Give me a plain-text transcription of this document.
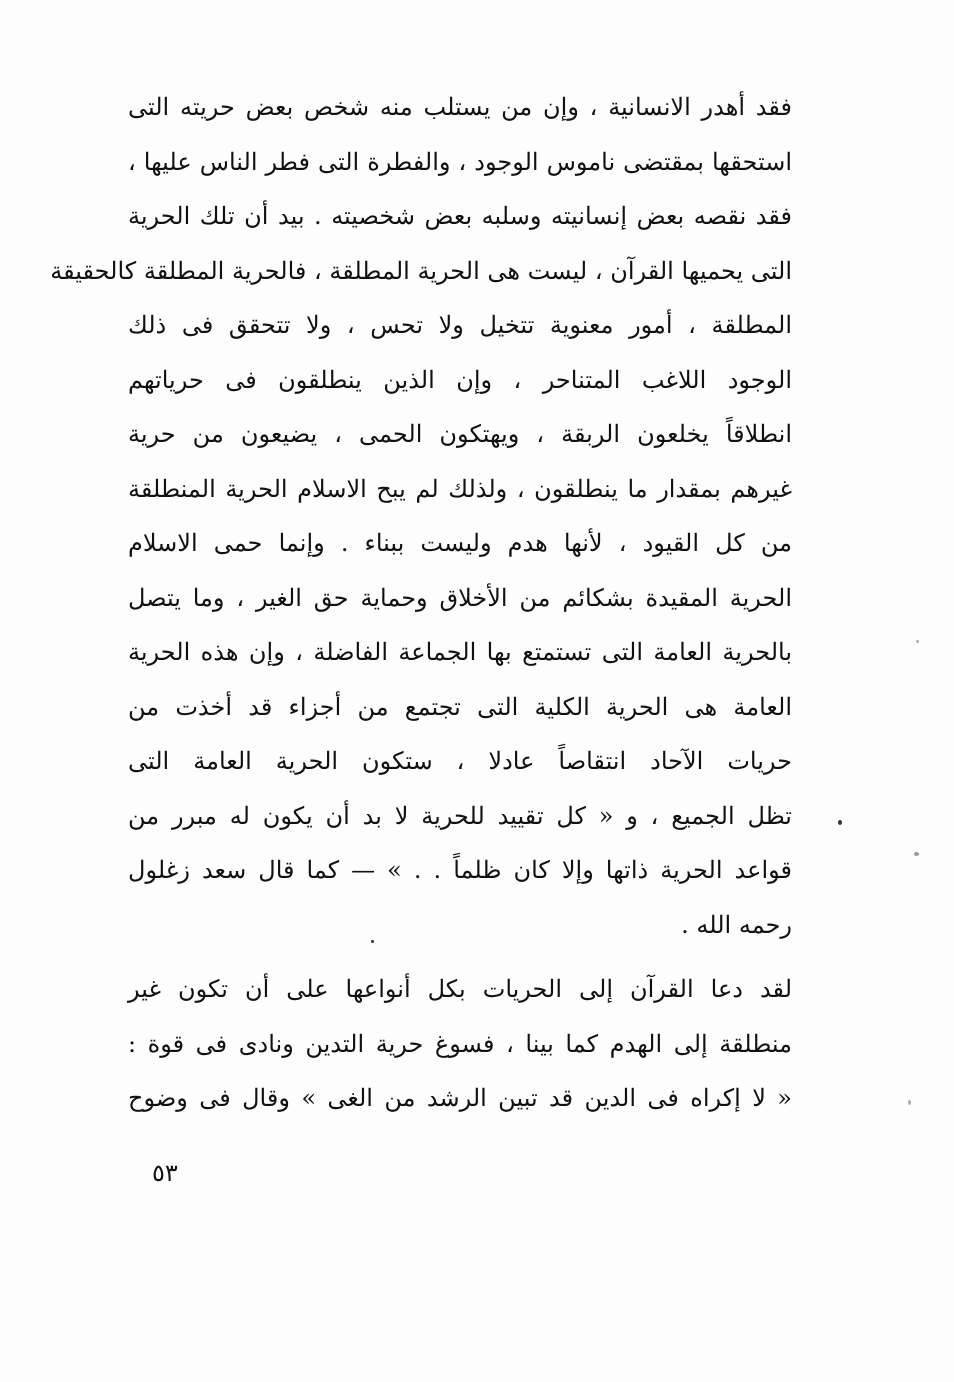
فقد أهدر الانسانية ، وإن من يستلب منه شخص بعض حريته التى
استحقها بمقتضى ناموس الوجود ، والفطرة التى فطر الناس عليها ،
فقد نقصه بعض إنسانيته وسلبه بعض شخصيته . بيد أن تلك الحرية
التى يحميها القرآن ، ليست هى الحرية المطلقة ، فالحرية المطلقة كالحقيقة
المطلقة ، أمور معنوية تتخيل ولا تحس ، ولا تتحقق فى ذلك
الوجود اللاغب المتناحر ، وإن الذين ينطلقون فى حرياتهم
انطلاقاً يخلعون الربقة ، ويهتكون الحمى ، يضيعون من حرية
غيرهم بمقدار ما ينطلقون ، ولذلك لم يبح الاسلام الحرية المنطلقة
من كل القيود ، لأنها هدم وليست ببناء . وإنما حمى الاسلام
الحرية المقيدة بشكائم من الأخلاق وحماية حق الغير ، وما يتصل
بالحرية العامة التى تستمتع بها الجماعة الفاضلة ، وإن هذه الحرية
العامة هى الحرية الكلية التى تجتمع من أجزاء قد أخذت من
حريات الآحاد انتقاصاً عادلا ، ستكون الحرية العامة التى
تظل الجميع ، و « كل تقييد للحرية لا بد أن يكون له مبرر من
قواعد الحرية ذاتها وإلا كان ظلماً . . » — كما قال سعد زغلول
رحمه الله .
لقد دعا القرآن إلى الحريات بكل أنواعها على أن تكون غير
منطلقة إلى الهدم كما بينا ، فسوغ حرية التدين ونادى فى قوة :
« لا إكراه فى الدين قد تبين الرشد من الغى » وقال فى وضوح
٥٣
